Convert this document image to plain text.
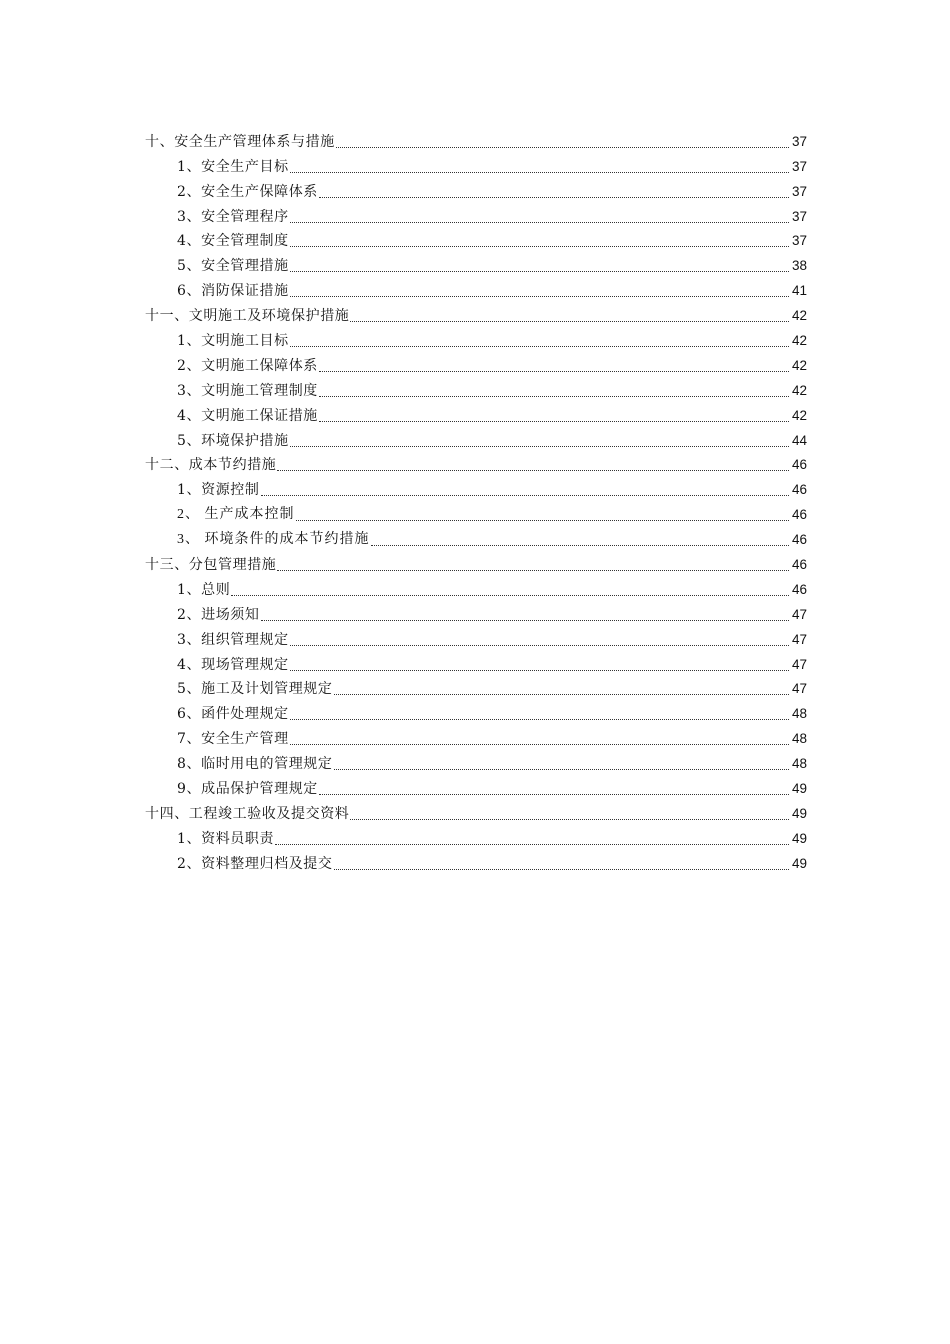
十、安全生产管理体系与措施	37
1、安全生产目标	37
2、安全生产保障体系	37
3、安全管理程序	37
4、安全管理制度	37
5、安全管理措施	38
6、消防保证措施	41
十一、文明施工及环境保护措施	42
1、文明施工目标	42
2、文明施工保障体系	42
3、文明施工管理制度	42
4、文明施工保证措施	42
5、环境保护措施	44
十二、成本节约措施	46
1、资源控制	46
2、 生产成本控制	46
3、 环境条件的成本节约措施	46
十三、分包管理措施	46
1、总则	46
2、进场须知	47
3、组织管理规定	47
4、现场管理规定	47
5、施工及计划管理规定	47
6、函件处理规定	48
7、安全生产管理	48
8、临时用电的管理规定	48
9、成品保护管理规定	49
十四、工程竣工验收及提交资料	49
1、资料员职责	49
2、资料整理归档及提交	49
